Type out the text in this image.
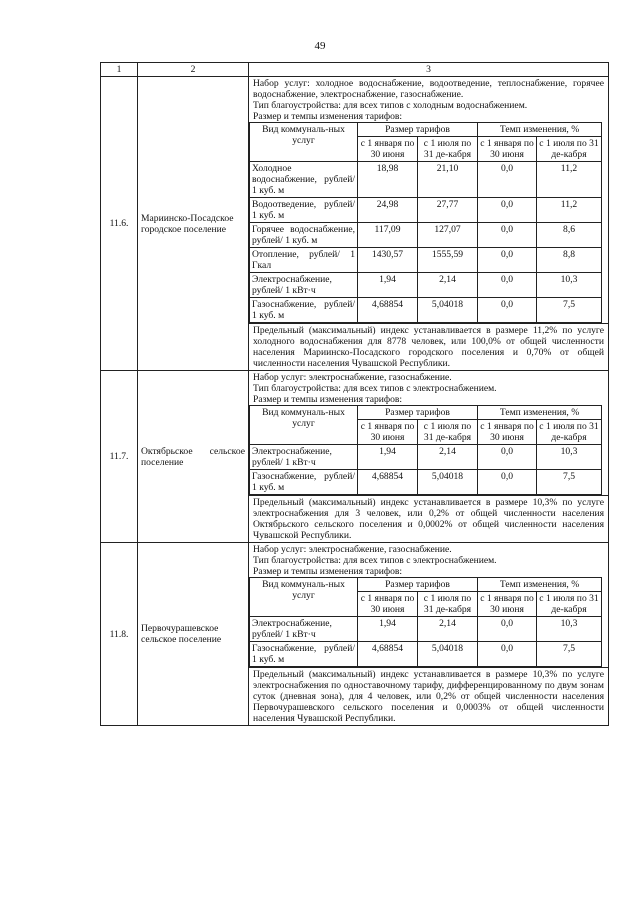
49
1	2	3
11.6.	Мариинско-Посадское городское поселение	
Набор услуг: холодное водоснабжение, водоотведение, теплоснабжение, горячее водоснабжение, электроснабжение, газоснабжение.
Тип благоустройства: для всех типов с холодным водоснабжением.
Размер и темпы изменения тарифов:
Вид коммуналь-ных услуг	Размер тарифов	Темп изменения, %
с 1 января по 30 июня	с 1 июля по 31 де-кабря	с 1 января по 30 июня	с 1 июля по 31 де-кабря
Холодное водоснабжение, рублей/ 1 куб. м	18,98	21,10	0,0	11,2
Водоотведение, рублей/ 1 куб. м	24,98	27,77	0,0	11,2
Горячее водоснабжение, рублей/ 1 куб. м	117,09	127,07	0,0	8,6
Отопление, рублей/ 1 Гкал	1430,57	1555,59	0,0	8,8
Электроснабжение, рублей/ 1 кВт·ч	1,94	2,14	0,0	10,3
Газоснабжение, рублей/ 1 куб. м	4,68854	5,04018	0,0	7,5
Предельный (максимальный) индекс устанавливается в размере 11,2% по услуге холодного водоснабжения для 8778 человек, или 100,0% от общей численности населения Мариинско-Посадского городского поселения и 0,70% от общей численности населения Чувашской Республики.

11.7.	Октябрьское сельское поселение	
Набор услуг: электроснабжение, газоснабжение.
Тип благоустройства: для всех типов с электроснабжением.
Размер и темпы изменения тарифов:
Вид коммуналь-ных услуг	Размер тарифов	Темп изменения, %
с 1 января по 30 июня	с 1 июля по 31 де-кабря	с 1 января по 30 июня	с 1 июля по 31 де-кабря
Электроснабжение, рублей/ 1 кВт·ч	1,94	2,14	0,0	10,3
Газоснабжение, рублей/ 1 куб. м	4,68854	5,04018	0,0	7,5
Предельный (максимальный) индекс устанавливается в размере 10,3% по услуге электроснабжения для 3 человек, или 0,2% от общей численности населения Октябрьского сельского поселения и 0,0002% от общей численности населения Чувашской Республики.

11.8.	Первочурашевское сельское поселение	
Набор услуг: электроснабжение, газоснабжение.
Тип благоустройства: для всех типов с электроснабжением.
Размер и темпы изменения тарифов:
Вид коммуналь-ных услуг	Размер тарифов	Темп изменения, %
с 1 января по 30 июня	с 1 июля по 31 де-кабря	с 1 января по 30 июня	с 1 июля по 31 де-кабря
Электроснабжение, рублей/ 1 кВт·ч	1,94	2,14	0,0	10,3
Газоснабжение, рублей/ 1 куб. м	4,68854	5,04018	0,0	7,5
Предельный (максимальный) индекс устанавливается в размере 10,3% по услуге электроснабжения по одноставочному тарифу, дифференцированному по двум зонам суток (дневная зона), для 4 человек, или 0,2% от общей численности населения Первочурашевского сельского поселения и 0,0003% от общей численности населения Чувашской Республики.
